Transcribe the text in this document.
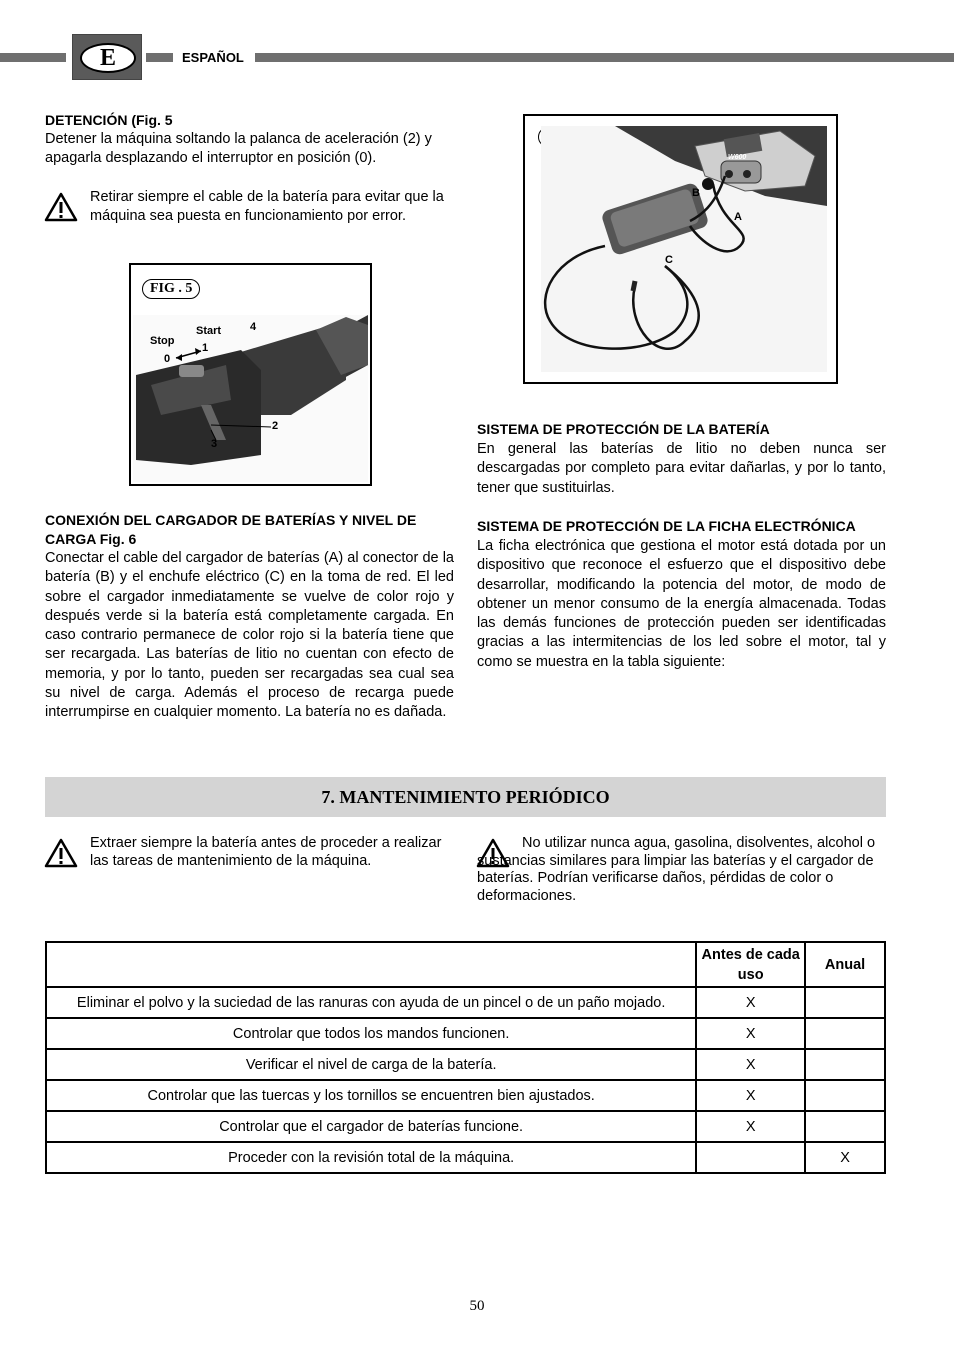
E	ESPAÑOL
DETENCIÓN (Fig. 5
Detener la máquina soltando la palanca de aceleración (2) y apagarla desplazando el interruptor en posición (0).
Retirar siempre el cable de la batería para evitar que la máquina sea puesta en funcionamiento por error.
FIG . 5
Stop
Start	4
0
1
2
3
CONEXIÓN DEL CARGADOR DE BATERÍAS Y NIVEL DE CARGA Fig. 6
Conectar el cable del cargador de baterías (A) al conector de la batería (B) y el enchufe eléctrico (C) en la toma de red. El led sobre el cargador inmediatamente se vuelve de color rojo y después verde si la batería está completamente cargada. En caso contrario permanece de color rojo si la batería tiene que ser recargada. Las baterías de litio no cuentan con efecto de memoria, y por lo tanto, pueden ser recargadas sea cual sea su nivel de carga. Además el proceso de recarga puede interrumpirse en cualquier momento. La batería no es dañada.
W600
B
A
C
SISTEMA DE PROTECCIÓN DE LA BATERÍA
En general las baterías de litio no deben nunca ser descargadas por completo para evitar dañarlas, y por lo tanto, tener que sustituirlas.
SISTEMA DE PROTECCIÓN DE LA FICHA ELECTRÓNICA
La ficha electrónica que gestiona el motor está dotada por un dispositivo que reconoce el esfuerzo que el dispositivo debe desarrollar, modificando la potencia del motor, de modo de obtener un menor consumo de la energía almacenada. Todas las demás funciones de protección pueden ser identificadas gracias a las intermitencias de los led sobre el motor, tal y como se muestra en la tabla siguiente:
7. MANTENIMIENTO PERIÓDICO
Extraer siempre la batería antes de proceder a realizar las tareas de mantenimiento de la máquina.
No utilizar nunca agua, gasolina, disolventes, alcohol o sustancias similares para limpiar las baterías y el cargador de baterías. Podrían verificarse daños, pérdidas de color o deformaciones.
	Antes de cada uso	Anual
Eliminar el polvo y la suciedad de las ranuras con ayuda de un pincel o de un paño mojado.	X	
Controlar que todos los mandos funcionen.	X	
Verificar el nivel de carga de la batería.	X	
Controlar que las tuercas y los tornillos se encuentren bien ajustados.	X	
Controlar que el cargador de baterías funcione.	X	
Proceder con la revisión total de la máquina.		X
50
